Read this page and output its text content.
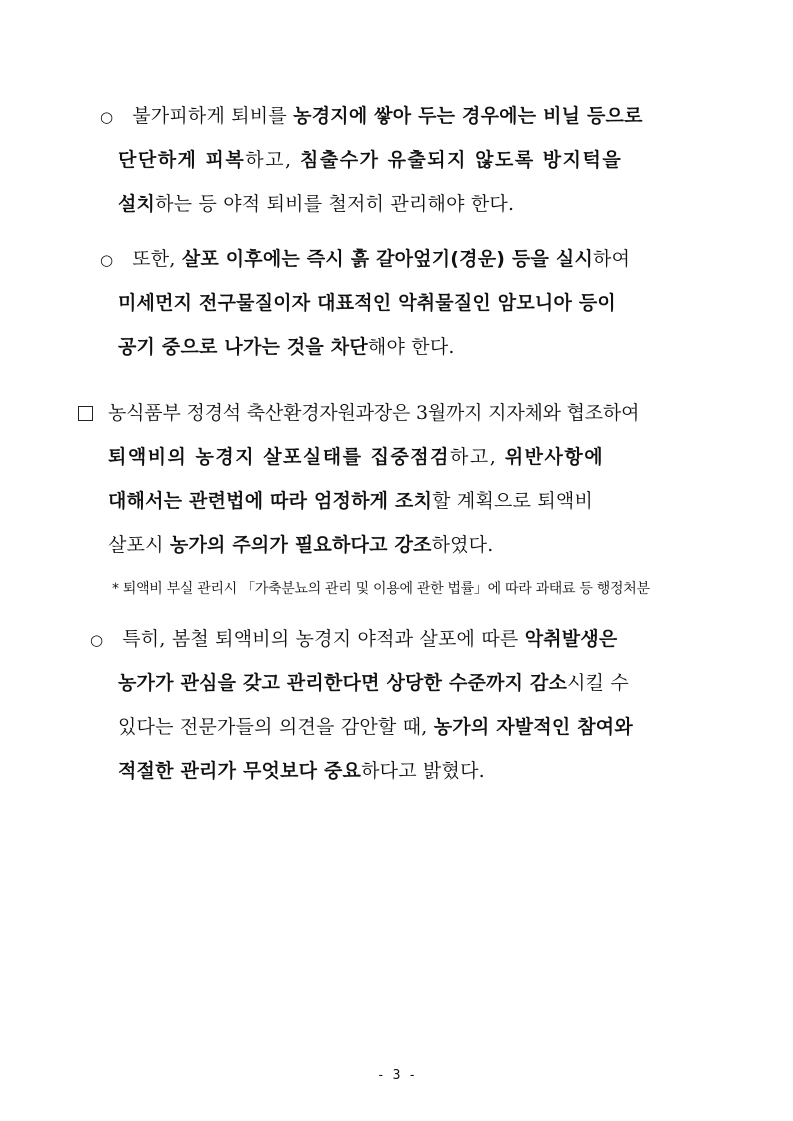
○ 불가피하게 퇴비를 농경지에 쌓아 두는 경우에는 비닐 등으로
단단하게 피복하고, 침출수가 유출되지 않도록 방지턱을
설치하는 등 야적 퇴비를 철저히 관리해야 한다.
○ 또한, 살포 이후에는 즉시 흙 갈아엎기(경운) 등을 실시하여
미세먼지 전구물질이자 대표적인 악취물질인 암모니아 등이
공기 중으로 나가는 것을 차단해야 한다.
농식품부 정경석 축산환경자원과장은 3월까지 지자체와 협조하여
퇴액비의 농경지 살포실태를 집중점검하고, 위반사항에
대해서는 관련법에 따라 엄정하게 조치할 계획으로 퇴액비
살포시 농가의 주의가 필요하다고 강조하였다.
* 퇴액비 부실 관리시 「가축분뇨의 관리 및 이용에 관한 법률」에 따라 과태료 등 행정처분
○ 특히, 봄철 퇴액비의 농경지 야적과 살포에 따른 악취발생은
농가가 관심을 갖고 관리한다면 상당한 수준까지 감소시킬 수
있다는 전문가들의 의견을 감안할 때, 농가의 자발적인 참여와
적절한 관리가 무엇보다 중요하다고 밝혔다.
- 3 -
